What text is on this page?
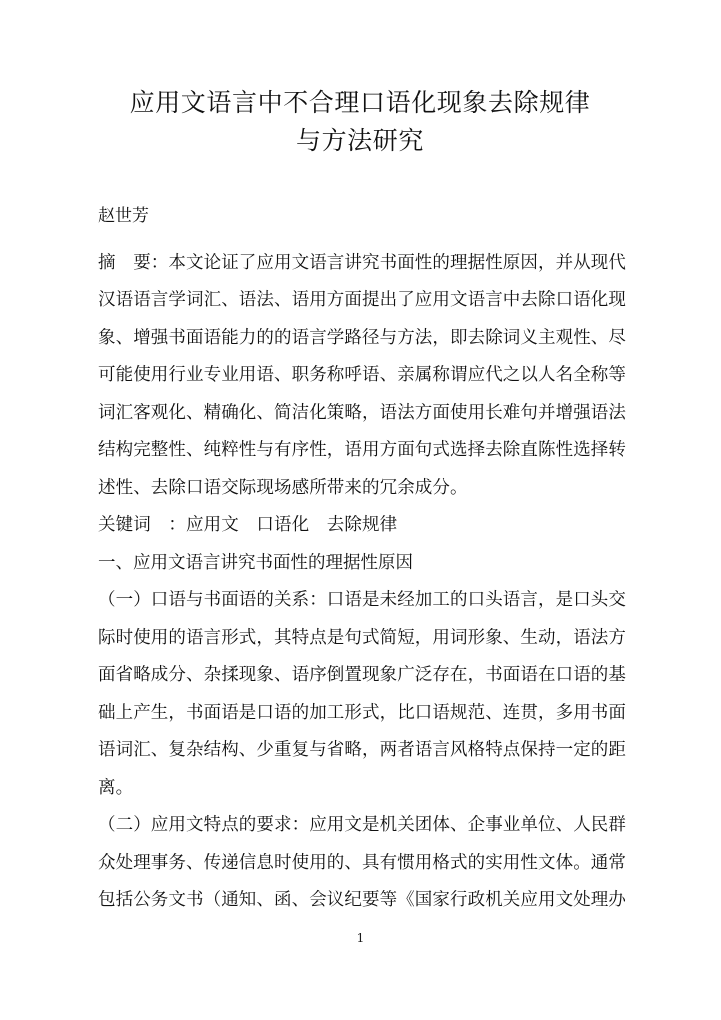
应用文语言中不合理口语化现象去除规律
与方法研究

赵世芳

摘　要：本文论证了应用文语言讲究书面性的理据性原因，并从现代汉语语言学词汇、语法、语用方面提出了应用文语言中去除口语化现象、增强书面语能力的的语言学路径与方法，即去除词义主观性、尽可能使用行业专业用语、职务称呼语、亲属称谓应代之以人名全称等词汇客观化、精确化、简洁化策略，语法方面使用长难句并增强语法结构完整性、纯粹性与有序性，语用方面句式选择去除直陈性选择转述性、去除口语交际现场感所带来的冗余成分。

关键词　：应用文　口语化　去除规律

一、应用文语言讲究书面性的理据性原因

（一）口语与书面语的关系：口语是未经加工的口头语言，是口头交际时使用的语言形式，其特点是句式简短，用词形象、生动，语法方面省略成分、杂揉现象、语序倒置现象广泛存在，书面语在口语的基础上产生，书面语是口语的加工形式，比口语规范、连贯，多用书面语词汇、复杂结构、少重复与省略，两者语言风格特点保持一定的距离。

（二）应用文特点的要求：应用文是机关团体、企事业单位、人民群众处理事务、传递信息时使用的、具有惯用格式的实用性文体。通常包括公务文书（通知、函、会议纪要等《国家行政机关应用文处理办

1
